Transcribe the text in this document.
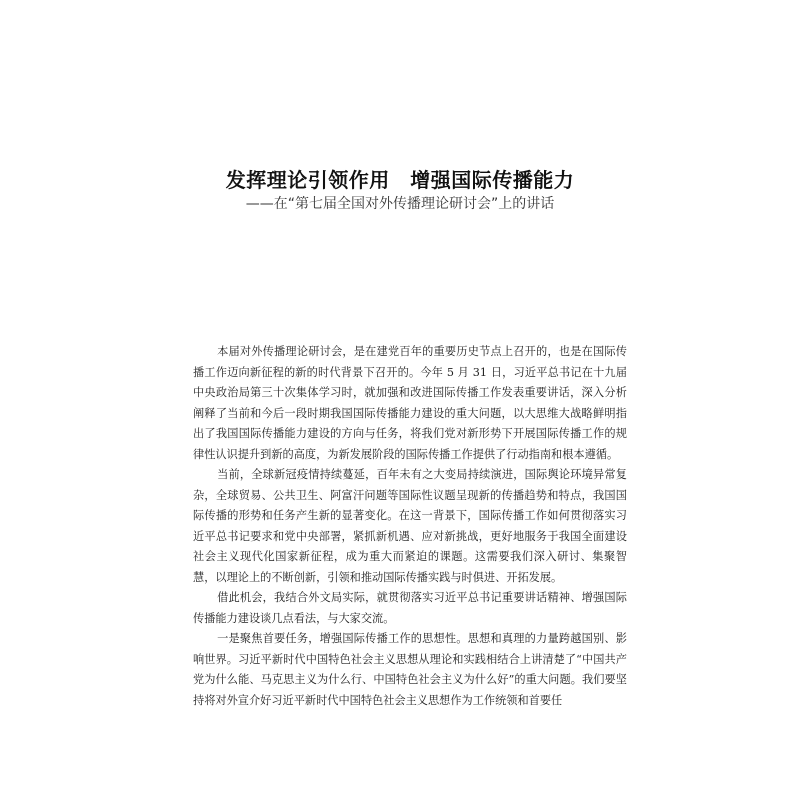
发挥理论引领作用　增强国际传播能力
——在“第七届全国对外传播理论研讨会”上的讲话

本届对外传播理论研讨会，是在建党百年的重要历史节点上召开的，也是在国际传播工作迈向新征程的新的时代背景下召开的。今年 5 月 31 日，习近平总书记在十九届中央政治局第三十次集体学习时，就加强和改进国际传播工作发表重要讲话，深入分析阐释了当前和今后一段时期我国国际传播能力建设的重大问题，以大思维大战略鲜明指出了我国国际传播能力建设的方向与任务，将我们党对新形势下开展国际传播工作的规律性认识提升到新的高度，为新发展阶段的国际传播工作提供了行动指南和根本遵循。

当前，全球新冠疫情持续蔓延，百年未有之大变局持续演进，国际舆论环境异常复杂，全球贸易、公共卫生、阿富汗问题等国际性议题呈现新的传播趋势和特点，我国国际传播的形势和任务产生新的显著变化。在这一背景下，国际传播工作如何贯彻落实习近平总书记要求和党中央部署，紧抓新机遇、应对新挑战，更好地服务于我国全面建设社会主义现代化国家新征程，成为重大而紧迫的课题。这需要我们深入研讨、集聚智慧，以理论上的不断创新，引领和推动国际传播实践与时俱进、开拓发展。

借此机会，我结合外文局实际，就贯彻落实习近平总书记重要讲话精神、增强国际传播能力建设谈几点看法，与大家交流。

一是聚焦首要任务，增强国际传播工作的思想性。思想和真理的力量跨越国别、影响世界。习近平新时代中国特色社会主义思想从理论和实践相结合上讲清楚了“中国共产党为什么能、马克思主义为什么行、中国特色社会主义为什么好”的重大问题。我们要坚持将对外宣介好习近平新时代中国特色社会主义思想作为工作统领和首要任
